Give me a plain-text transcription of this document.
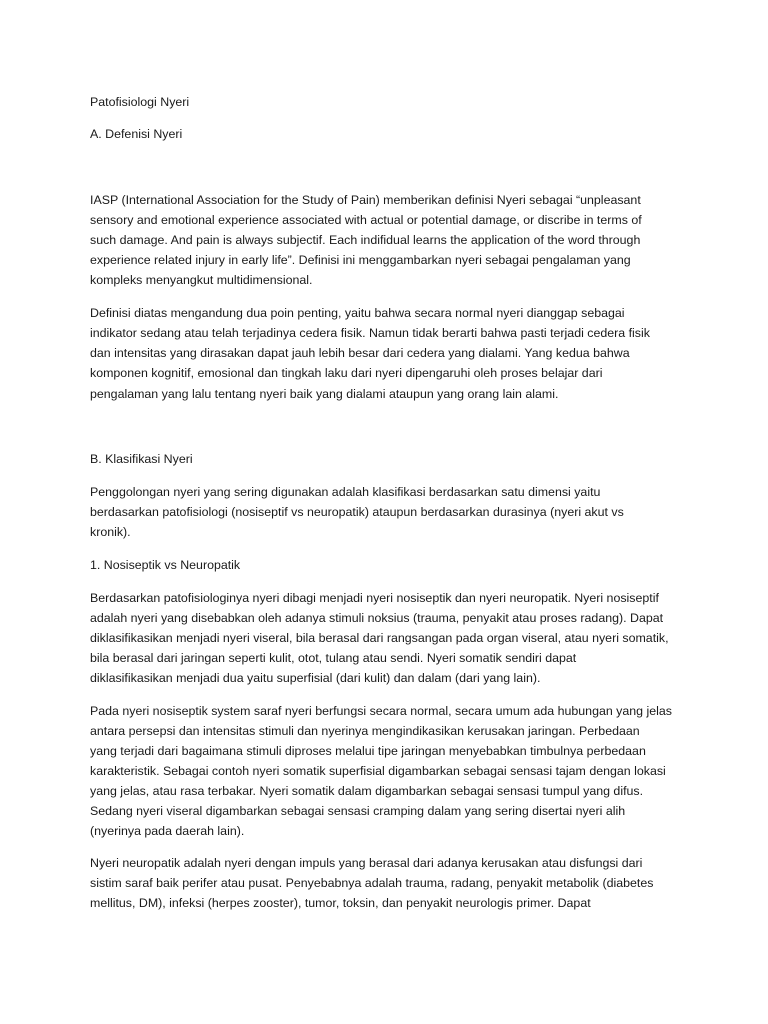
Patofisiologi Nyeri
A. Defenisi Nyeri
IASP (International Association for the Study of Pain) memberikan definisi Nyeri sebagai “unpleasant
sensory and emotional experience associated with actual or potential damage, or discribe in terms of
such damage. And pain is always subjectif. Each indifidual learns the application of the word through
experience related injury in early life”. Definisi ini menggambarkan nyeri sebagai pengalaman yang
kompleks menyangkut multidimensional.
Definisi diatas mengandung dua poin penting, yaitu bahwa secara normal nyeri dianggap sebagai
indikator sedang atau telah terjadinya cedera fisik. Namun tidak berarti bahwa pasti terjadi cedera fisik
dan intensitas yang dirasakan dapat jauh lebih besar dari cedera yang dialami. Yang kedua bahwa
komponen kognitif, emosional dan tingkah laku dari nyeri dipengaruhi oleh proses belajar dari
pengalaman yang lalu tentang nyeri baik yang dialami ataupun yang orang lain alami.
B. Klasifikasi Nyeri
Penggolongan nyeri yang sering digunakan adalah klasifikasi berdasarkan satu dimensi yaitu
berdasarkan patofisiologi (nosiseptif vs neuropatik) ataupun berdasarkan durasinya (nyeri akut vs
kronik).
1. Nosiseptik vs Neuropatik
Berdasarkan patofisiologinya nyeri dibagi menjadi nyeri nosiseptik dan nyeri neuropatik. Nyeri nosiseptif
adalah nyeri yang disebabkan oleh adanya stimuli noksius (trauma, penyakit atau proses radang). Dapat
diklasifikasikan menjadi nyeri viseral, bila berasal dari rangsangan pada organ viseral, atau nyeri somatik,
bila berasal dari jaringan seperti kulit, otot, tulang atau sendi. Nyeri somatik sendiri dapat
diklasifikasikan menjadi dua yaitu superfisial (dari kulit) dan dalam (dari yang lain).
Pada nyeri nosiseptik system saraf nyeri berfungsi secara normal, secara umum ada hubungan yang jelas
antara persepsi dan intensitas stimuli dan nyerinya mengindikasikan kerusakan jaringan. Perbedaan
yang terjadi dari bagaimana stimuli diproses melalui tipe jaringan menyebabkan timbulnya perbedaan
karakteristik. Sebagai contoh nyeri somatik superfisial digambarkan sebagai sensasi tajam dengan lokasi
yang jelas, atau rasa terbakar. Nyeri somatik dalam digambarkan sebagai sensasi tumpul yang difus.
Sedang nyeri viseral digambarkan sebagai sensasi cramping dalam yang sering disertai nyeri alih
(nyerinya pada daerah lain).
Nyeri neuropatik adalah nyeri dengan impuls yang berasal dari adanya kerusakan atau disfungsi dari
sistim saraf baik perifer atau pusat. Penyebabnya adalah trauma, radang, penyakit metabolik (diabetes
mellitus, DM), infeksi (herpes zooster), tumor, toksin, dan penyakit neurologis primer. Dapat
